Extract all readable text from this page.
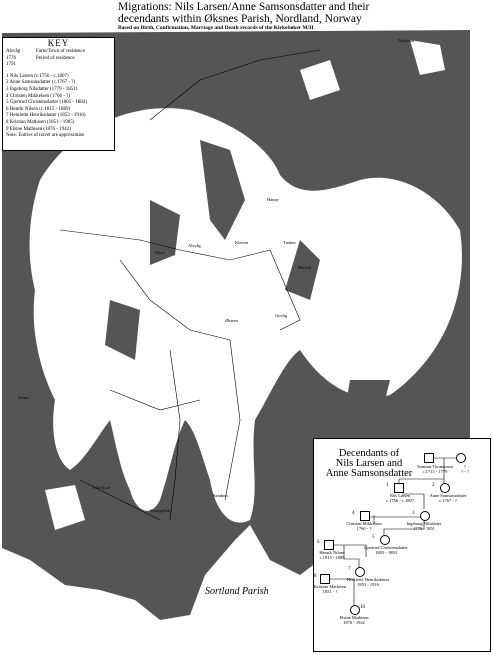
Migrations: Nils Larsen/Anne Samsonsdatter and their
decendants within Øksnes Parish, Nordland, Norway
Based on Birth, Confirmation, Marriage and Death records of the Kirkebøker M/H
KEY
Alsvåg	Farm/Town of residence
1776	Period of residence
1791
1 Nils Larsen (c.1756 - c.1807)
2 Anne Samsonsdatter (c.1767 - ?)
3 Ingeborg Nilsdatter (1779 - 1851)
4 Christen Mikkelsen (1766 - ?)
5 Gjertrud Christensdatter (1805 - 1884)
6 Henrik Nilsen (c.1815 - 1889)
7 Henriette Henriksdatter (1853 - 1916)
8 Kristian Mathisen (1851 - 1905)
9 Elsine Mathisen (1876 - 1942)
Note: Entries of travel are approximate
ØKSNES PARISH
Sortland Parish
Nyksund
Hanøy
Alsvåg
Myre
Øksnes
Strengelvåg
Sandnes
Tinden
Breivik
Kløven
Guvåg
Steine
Lillefjord
Skogsøya
Decendants of
Nils Larsen and
Anne Samsonsdatter
Samson Thomassen
c.1715 - 1779
?
? - ?
1	2
Nils Larsen
c.1756 - c.1807
Anne Samsonsdatter
c.1767 - ?
4	3
Christen Mikkelsen
1766 - ?
Ingeborg Nilsdatter
1779 - 1851
6
5
Henrik Nilsen
c.1815 - 1889
Gjertrud Christensdatter
1805 - 1884
8
7
Kristian Mathisen
1851 - ?
Henriette Henriksdatter
1853 - 1916
10
Elsine Mathisen
1876 - 1942
